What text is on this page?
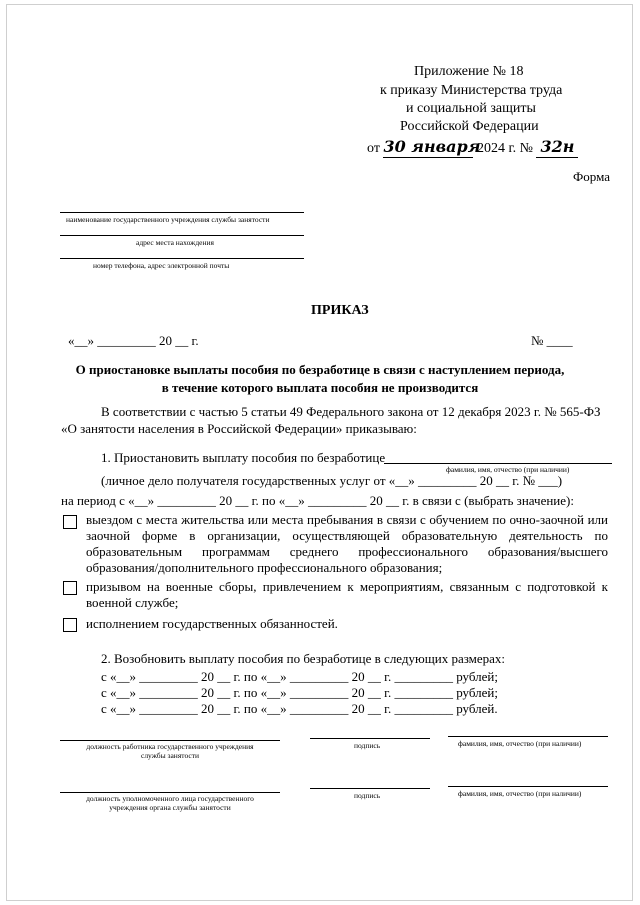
Приложение № 18
к приказу Министерства труда
и социальной защиты
Российской Федерации
от 30 января 2024 г. № 32н
Форма
наименование государственного учреждения службы занятости
адрес места нахождения
номер телефона, адрес электронной почты
ПРИКАЗ
«__» _________ 20 __ г.	№ ____
О приостановке выплаты пособия по безработице в связи с наступлением периода,
в течение которого выплата пособия не производится
В соответствии с частью 5 статьи 49 Федерального закона от 12 декабря 2023 г. № 565-ФЗ
«О занятости населения в Российской Федерации» приказываю:
1. Приостановить выплату пособия по безработице
фамилия, имя, отчество (при наличии)
(личное дело получателя государственных услуг от «__» _________ 20 __ г. № ___)
на период с «__» _________ 20 __ г. по «__» _________ 20 __ г. в связи с (выбрать значение):
выездом с места жительства или места пребывания в связи с обучением по очно-заочной или заочной форме в организации, осуществляющей образовательную деятельность по образовательным программам среднего профессионального образования/высшего образования/дополнительного профессионального образования;
призывом на военные сборы, привлечением к мероприятиям, связанным с подготовкой к военной службе;
исполнением государственных обязанностей.
2. Возобновить выплату пособия по безработице в следующих размерах:
с «__» _________ 20 __ г. по «__» _________ 20 __ г. _________ рублей;
с «__» _________ 20 __ г. по «__» _________ 20 __ г. _________ рублей;
с «__» _________ 20 __ г. по «__» _________ 20 __ г. _________ рублей.
должность работника государственного учреждения
службы занятости
подпись	фамилия, имя, отчество (при наличии)
должность уполномоченного лица государственного
учреждения органа службы занятости
подпись	фамилия, имя, отчество (при наличии)
